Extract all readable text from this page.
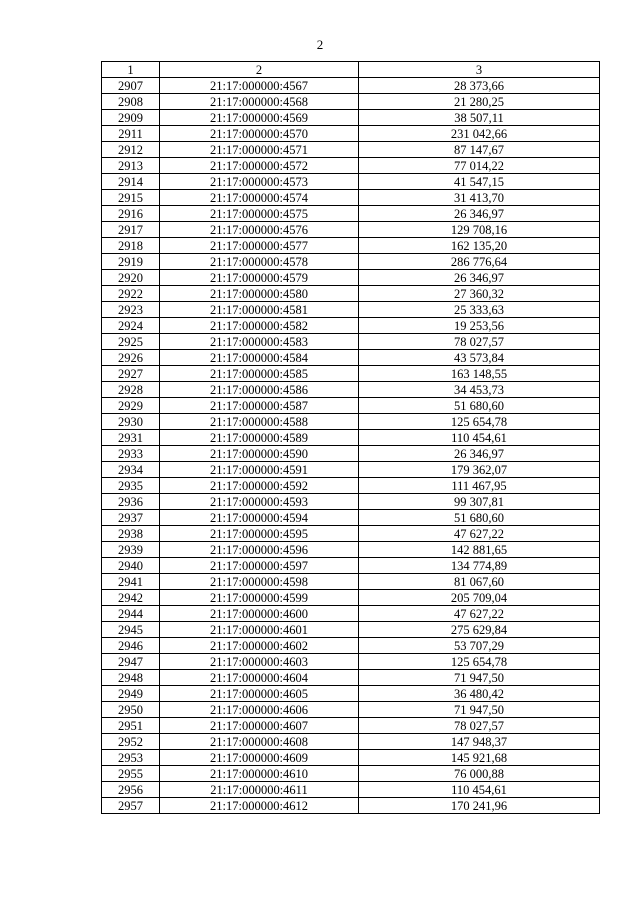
2
1	2	3
2907	21:17:000000:4567	28 373,66
2908	21:17:000000:4568	21 280,25
2909	21:17:000000:4569	38 507,11
2911	21:17:000000:4570	231 042,66
2912	21:17:000000:4571	87 147,67
2913	21:17:000000:4572	77 014,22
2914	21:17:000000:4573	41 547,15
2915	21:17:000000:4574	31 413,70
2916	21:17:000000:4575	26 346,97
2917	21:17:000000:4576	129 708,16
2918	21:17:000000:4577	162 135,20
2919	21:17:000000:4578	286 776,64
2920	21:17:000000:4579	26 346,97
2922	21:17:000000:4580	27 360,32
2923	21:17:000000:4581	25 333,63
2924	21:17:000000:4582	19 253,56
2925	21:17:000000:4583	78 027,57
2926	21:17:000000:4584	43 573,84
2927	21:17:000000:4585	163 148,55
2928	21:17:000000:4586	34 453,73
2929	21:17:000000:4587	51 680,60
2930	21:17:000000:4588	125 654,78
2931	21:17:000000:4589	110 454,61
2933	21:17:000000:4590	26 346,97
2934	21:17:000000:4591	179 362,07
2935	21:17:000000:4592	111 467,95
2936	21:17:000000:4593	99 307,81
2937	21:17:000000:4594	51 680,60
2938	21:17:000000:4595	47 627,22
2939	21:17:000000:4596	142 881,65
2940	21:17:000000:4597	134 774,89
2941	21:17:000000:4598	81 067,60
2942	21:17:000000:4599	205 709,04
2944	21:17:000000:4600	47 627,22
2945	21:17:000000:4601	275 629,84
2946	21:17:000000:4602	53 707,29
2947	21:17:000000:4603	125 654,78
2948	21:17:000000:4604	71 947,50
2949	21:17:000000:4605	36 480,42
2950	21:17:000000:4606	71 947,50
2951	21:17:000000:4607	78 027,57
2952	21:17:000000:4608	147 948,37
2953	21:17:000000:4609	145 921,68
2955	21:17:000000:4610	76 000,88
2956	21:17:000000:4611	110 454,61
2957	21:17:000000:4612	170 241,96
